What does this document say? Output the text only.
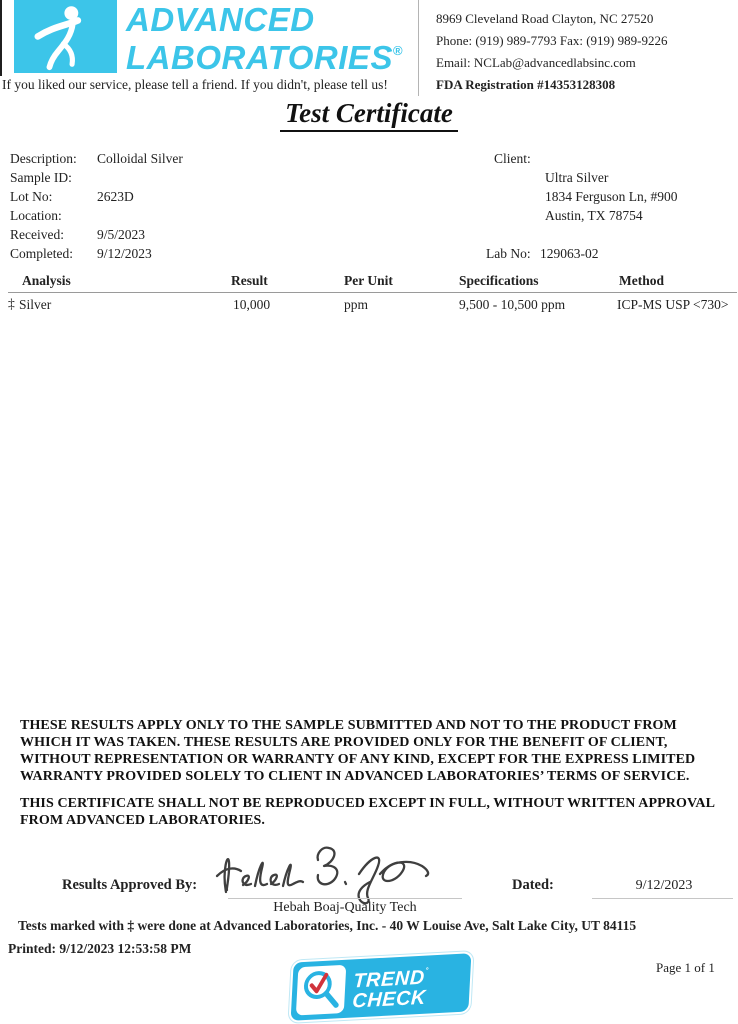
ADVANCED
LABORATORIES®
8969 Cleveland Road Clayton, NC 27520
Phone: (919) 989-7793 Fax: (919) 989-9226
Email: NCLab@advancedlabsinc.com
FDA Registration #14353128308
If you liked our service, please tell a friend. If you didn't, please tell us!
Test Certificate
Description: Colloidal Silver
Sample ID:
Lot No:	2623D
Location:
Received: 9/5/2023
Completed: 9/12/2023
Client:
Ultra Silver
1834 Ferguson Ln, #900
Austin, TX 78754
Lab No: 129063-02
Analysis	Result	Per Unit	Specifications	Method
‡ Silver	10,000	ppm	9,500 - 10,500 ppm	ICP-MS USP <730>
THESE RESULTS APPLY ONLY TO THE SAMPLE SUBMITTED AND NOT TO THE PRODUCT FROM WHICH IT WAS TAKEN. THESE RESULTS ARE PROVIDED ONLY FOR THE BENEFIT OF CLIENT, WITHOUT REPRESENTATION OR WARRANTY OF ANY KIND, EXCEPT FOR THE EXPRESS LIMITED WARRANTY PROVIDED SOLELY TO CLIENT IN ADVANCED LABORATORIES’ TERMS OF SERVICE.
THIS CERTIFICATE SHALL NOT BE REPRODUCED EXCEPT IN FULL, WITHOUT WRITTEN APPROVAL FROM ADVANCED LABORATORIES.
Results Approved By:
Hebah Boaj-Quality Tech
Dated:	9/12/2023
Tests marked with ‡ were done at Advanced Laboratories, Inc. - 40 W Louise Ave, Salt Lake City, UT 84115
Printed: 9/12/2023 12:53:58 PM
TREND˚
CHECK
Page 1 of 1
